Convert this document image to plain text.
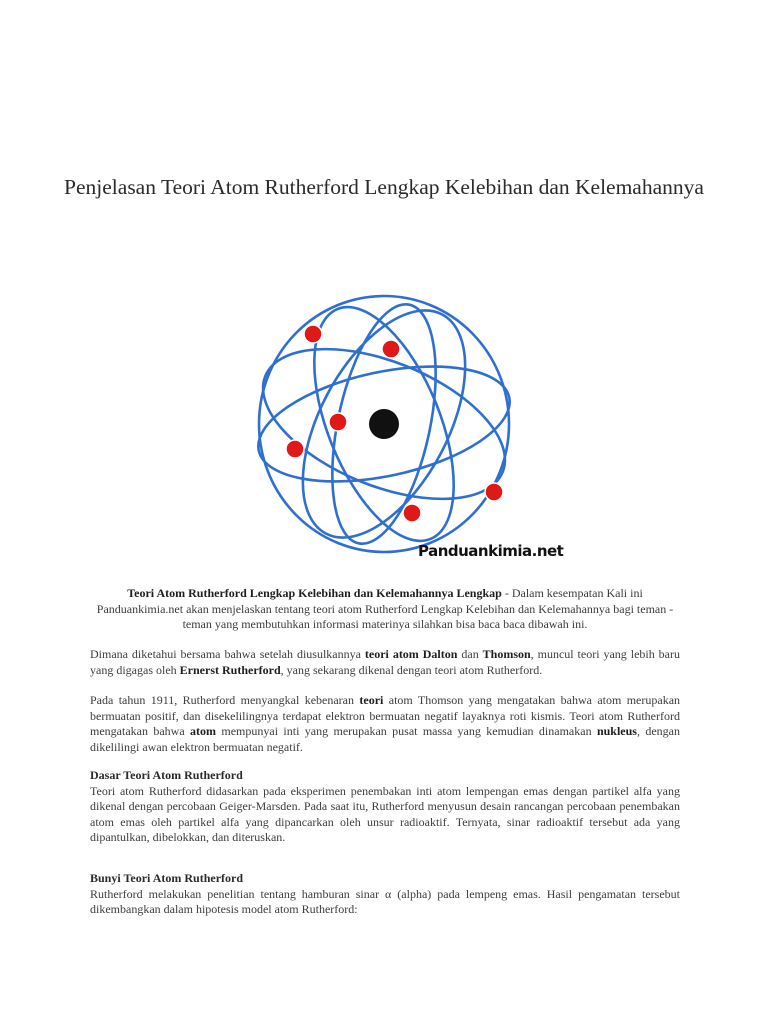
Penjelasan Teori Atom Rutherford Lengkap Kelebihan dan Kelemahannya
Panduankimia.net

Teori Atom Rutherford Lengkap Kelebihan dan Kelemahannya Lengkap - Dalam kesempatan Kali ini Panduankimia.net akan menjelaskan tentang teori atom Rutherford Lengkap Kelebihan dan Kelemahannya bagi teman - teman yang membutuhkan informasi materinya silahkan bisa baca baca dibawah ini.

Dimana diketahui bersama bahwa setelah diusulkannya teori atom Dalton dan Thomson, muncul teori yang lebih baru yang digagas oleh Ernerst Rutherford, yang sekarang dikenal dengan teori atom Rutherford.

Pada tahun 1911, Rutherford menyangkal kebenaran teori atom Thomson yang mengatakan bahwa atom merupakan bermuatan positif, dan disekelilingnya terdapat elektron bermuatan negatif layaknya roti kismis. Teori atom Rutherford mengatakan bahwa atom mempunyai inti yang merupakan pusat massa yang kemudian dinamakan nukleus, dengan dikelilingi awan elektron bermuatan negatif.

Dasar Teori Atom Rutherford
Teori atom Rutherford didasarkan pada eksperimen penembakan inti atom lempengan emas dengan partikel alfa yang dikenal dengan percobaan Geiger-Marsden. Pada saat itu, Rutherford menyusun desain rancangan percobaan penembakan atom emas oleh partikel alfa yang dipancarkan oleh unsur radioaktif. Ternyata, sinar radioaktif tersebut ada yang dipantulkan, dibelokkan, dan diteruskan.

Bunyi Teori Atom Rutherford
Rutherford melakukan penelitian tentang hamburan sinar α (alpha) pada lempeng emas. Hasil pengamatan tersebut dikembangkan dalam hipotesis model atom Rutherford:
